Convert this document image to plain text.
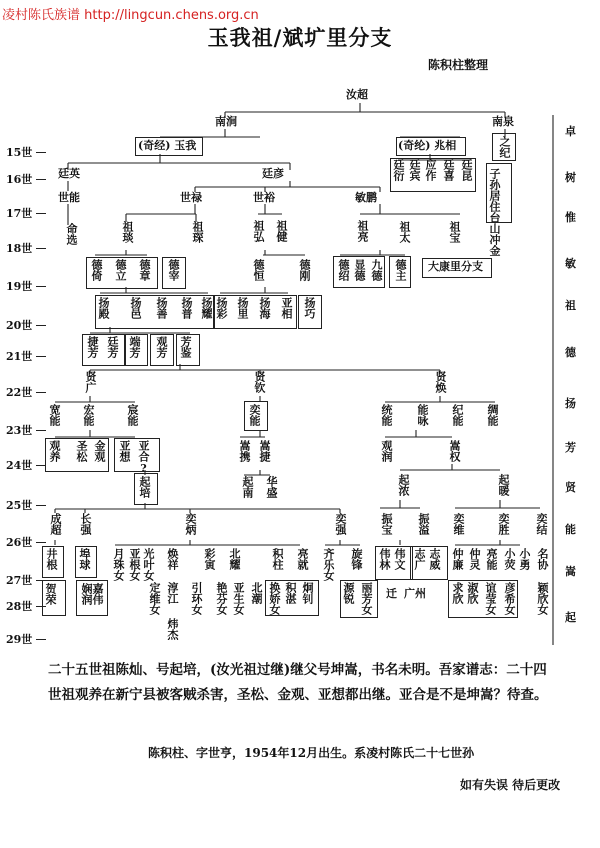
凌村陈氏族谱 http://lingcun.chens.org.cn
玉我祖/斌圹里分支
陈积柱整理
汝超
南涧	南泉
(奇经) 玉我	(奇纶) 兆相	之纪
廷英	廷彦	廷衍 廷宾 应作 廷喜 廷昆 子孙居住台山冲金
世能	世禄	世裕	敏鹏
命选	祖琰	祖琛	祖弘 祖健	祖亮	祖太	祖宝
大康里分支
德倚 德立 德章 德宰	德恒	德刚 德绍 显德 九德 德主
扬殿 扬邑 扬善 扬普 扬耀 扬彩 扬里 扬海 亚相 扬巧
捷芳 廷芳 端芳 观芳 芳鉴
贤广	贤钦	贤焕
宽能 宏能	宸能	奕能	统能 能咏 纪能 绸能
观养 圣松 金观 亚想 亚合?	嵩携 嵩捷	观润	嵩权
起培	起南 华盛	起浓	起暖
成超 长强	奕炳	奕强	振宝 振溢 奕维	奕胜 奕结
井根 埠球 月珠女 亚根女 光叶女 焕祥 彩寅 北耀	积柱 亮就 齐乐女 旋锋 伟林 伟文 志广 志威 仲廉 仲灵 亮能 小荧 小勇 名协
贺荣 娴润
嘉伟	定维女 淳江 引环女 艳芬女 亚生女 北潮 换娇女 积湛 炯钊	源锐 丽芳女 迁 广州 求欣 淑欣 谊莹女 彦希女 颖欣女
炜杰
15世
16世
17世
18世
19世
20世
21世
22世
23世
24世
25世
26世
27世
28世
29世
卓
树
惟
敏
祖
德
扬
芳
贤
能
嵩
起
二十五世祖陈灿、号起培，(汝光祖过继)继父号坤嵩，书名未明。吾家谱志：二十四世祖观养在新宁县被客贼杀害，圣松、金观、亚想都出继。亚合是不是坤嵩？待查。
陈积柱、字世亨，1954年12月出生。系凌村陈氏二十七世孙
如有失误 待后更改
